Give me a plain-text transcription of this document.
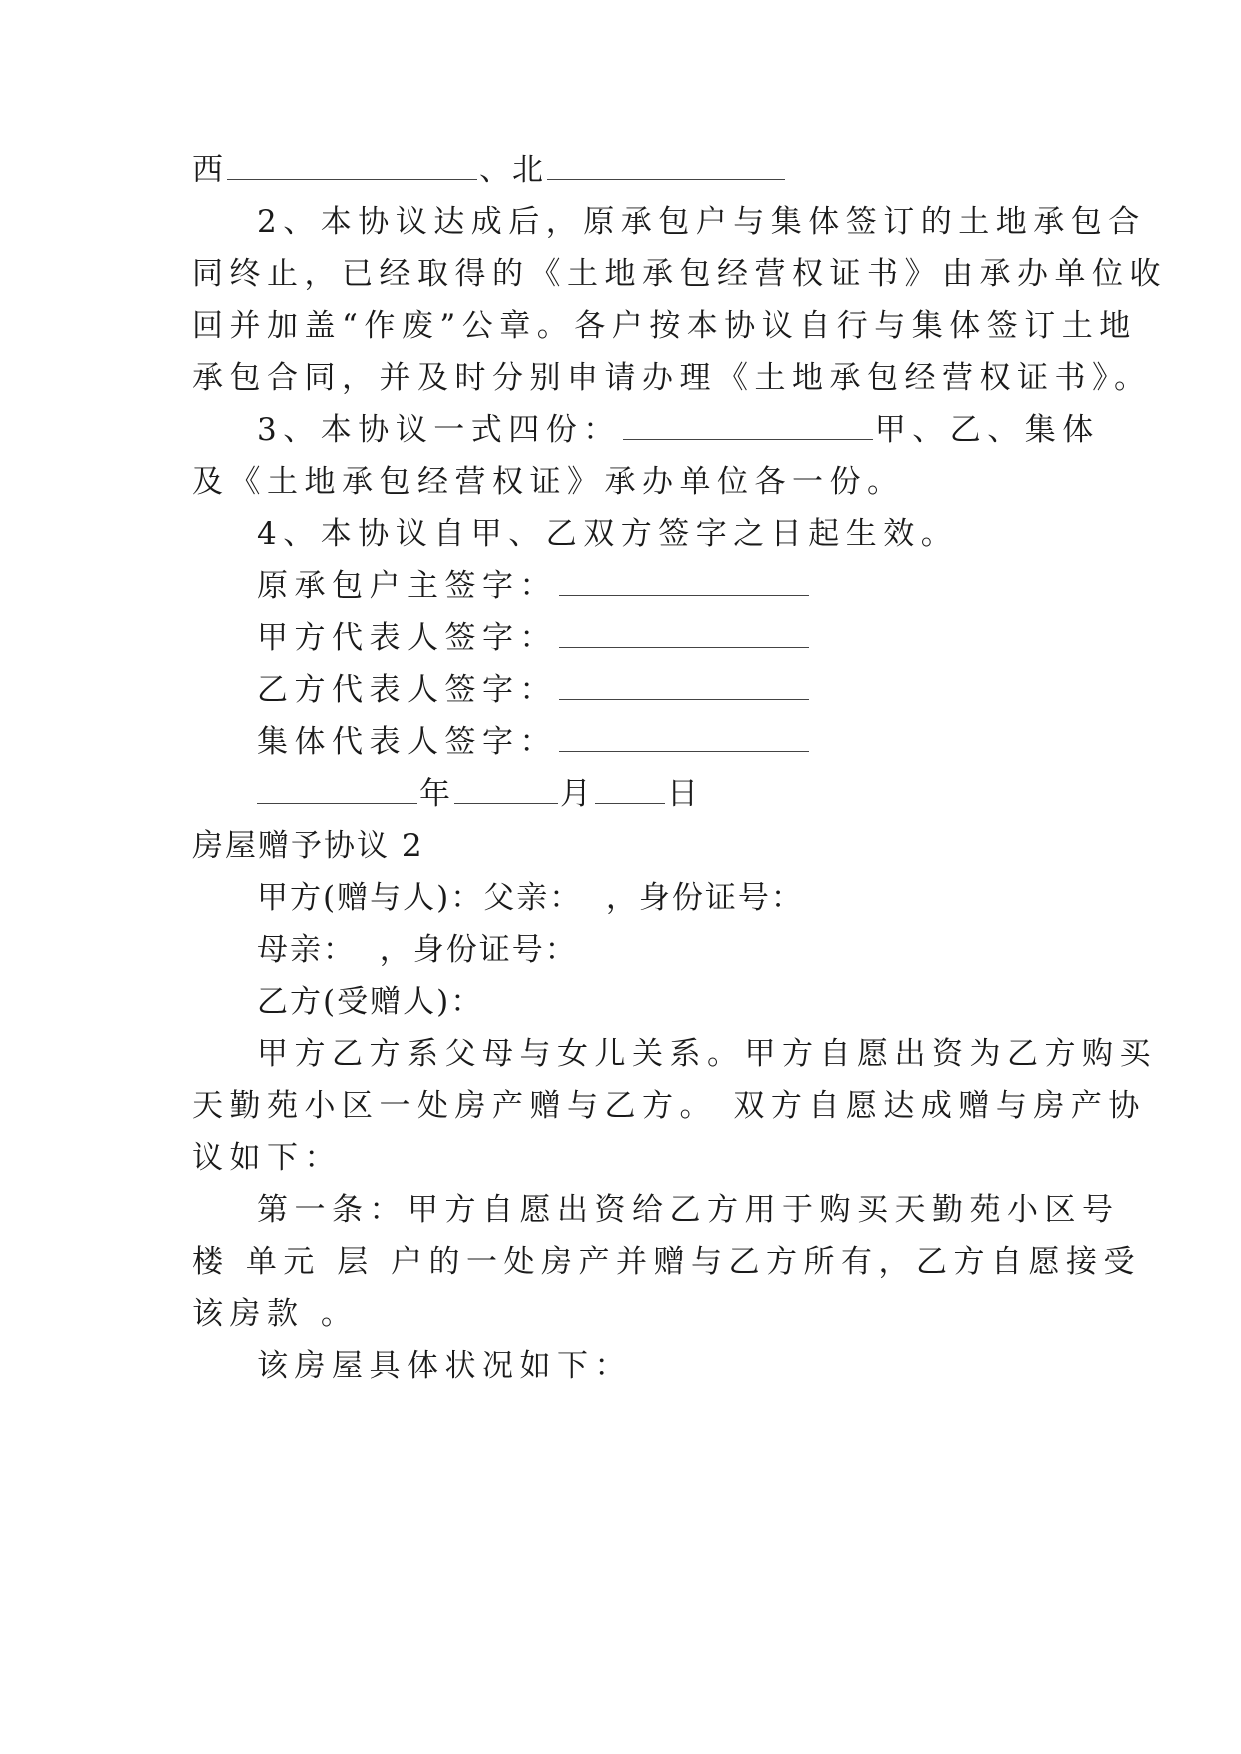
西	、北
2、本协议达成后，原承包户与集体签订的土地承包合
同终止，已经取得的《土地承包经营权证书》由承办单位收
回并加盖“作废”公章。各户按本协议自行与集体签订土地
承包合同，并及时分别申请办理《土地承包经营权证书》。
3、本协议一式四份：	甲、乙、集体
及《土地承包经营权证》承办单位各一份。
4、本协议自甲、乙双方签字之日起生效。
原承包户主签字：
甲方代表人签字：
乙方代表人签字：
集体代表人签字：
年	月 日
房屋赠予协议 2
甲方(赠与人)：父亲：  ，身份证号：
母亲：  ，身份证号：
乙方(受赠人)：
甲方乙方系父母与女儿关系。甲方自愿出资为乙方购买
天勤苑小区一处房产赠与乙方。 双方自愿达成赠与房产协
议如下：
第一条：甲方自愿出资给乙方用于购买天勤苑小区号
楼 单元 层 户的一处房产并赠与乙方所有，乙方自愿接受
该房款 。
该房屋具体状况如下：
